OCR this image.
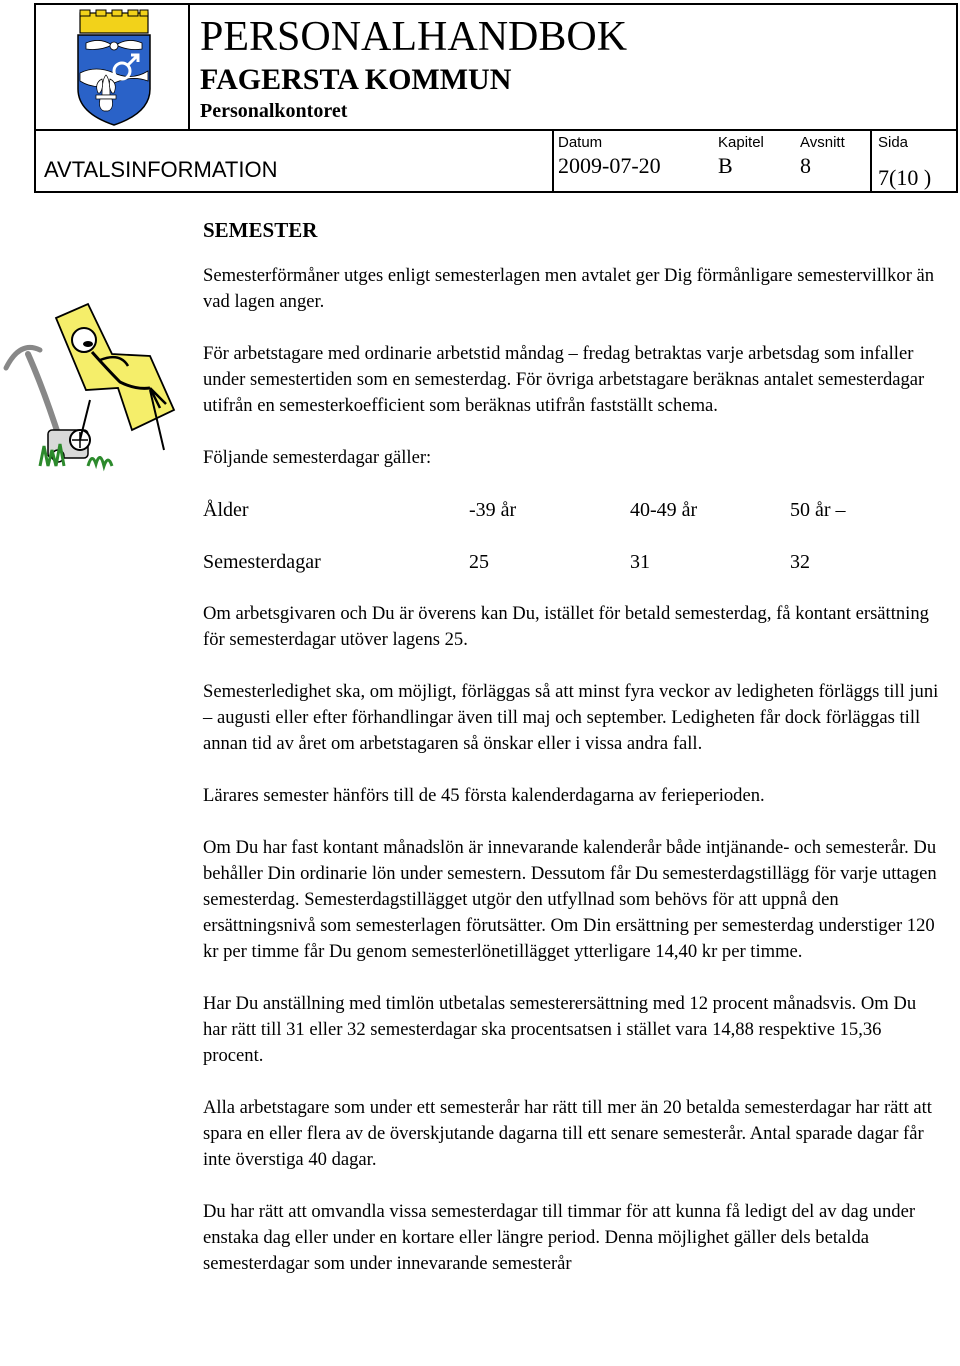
PERSONALHANDBOK
FAGERSTA KOMMUN
Personalkontoret
AVTALSINFORMATION
Datum
2009-07-20
Kapitel
B
Avsnitt
8
Sida
7(10 )
SEMESTER

Semesterförmåner utges enligt semesterlagen men avtalet ger Dig förmånligare semestervillkor än vad lagen anger.

För arbetstagare med ordinarie arbetstid måndag – fredag betraktas varje arbetsdag som infaller under semestertiden som en semesterdag. För övriga arbetstagare beräknas antalet semesterdagar utifrån en semesterkoefficient som beräknas utifrån fastställt schema.

Följande semesterdagar gäller:

Ålder	-39 år	40-49 år	50 år –
Semesterdagar	25	31	32

Om arbetsgivaren och Du är överens kan Du, istället för betald semesterdag, få kontant ersättning för semesterdagar utöver lagens 25.

Semesterledighet ska, om möjligt, förläggas så att minst fyra veckor av ledigheten förläggs till juni – augusti eller efter förhandlingar även till maj och september. Ledigheten får dock förläggas till annan tid av året om arbetstagaren så önskar eller i vissa andra fall.

Lärares semester hänförs till de 45 första kalenderdagarna av ferieperioden.

Om Du har fast kontant månadslön är innevarande kalenderår både intjänande- och semesterår. Du behåller Din ordinarie lön under semestern. Dessutom får Du semesterdagstillägg för varje uttagen semesterdag. Semesterdagstillägget utgör den utfyllnad som behövs för att uppnå den ersättningsnivå som semesterlagen förutsätter. Om Din ersättning per semesterdag understiger 120 kr per timme får Du genom semesterlönetillägget ytterligare 14,40 kr per timme.

Har Du anställning med timlön utbetalas semesterersättning med 12 procent månadsvis. Om Du har rätt till 31 eller 32 semesterdagar ska procentsatsen i stället vara 14,88 respektive 15,36 procent.

Alla arbetstagare som under ett semesterår har rätt till mer än 20 betalda semesterdagar har rätt att spara en eller flera av de överskjutande dagarna till ett senare semesterår. Antal sparade dagar får inte överstiga 40 dagar.

Du har rätt att omvandla vissa semesterdagar till timmar för att kunna få ledigt del av dag under enstaka dag eller under en kortare eller längre period. Denna möjlighet gäller dels betalda semesterdagar som under innevarande semesterår
